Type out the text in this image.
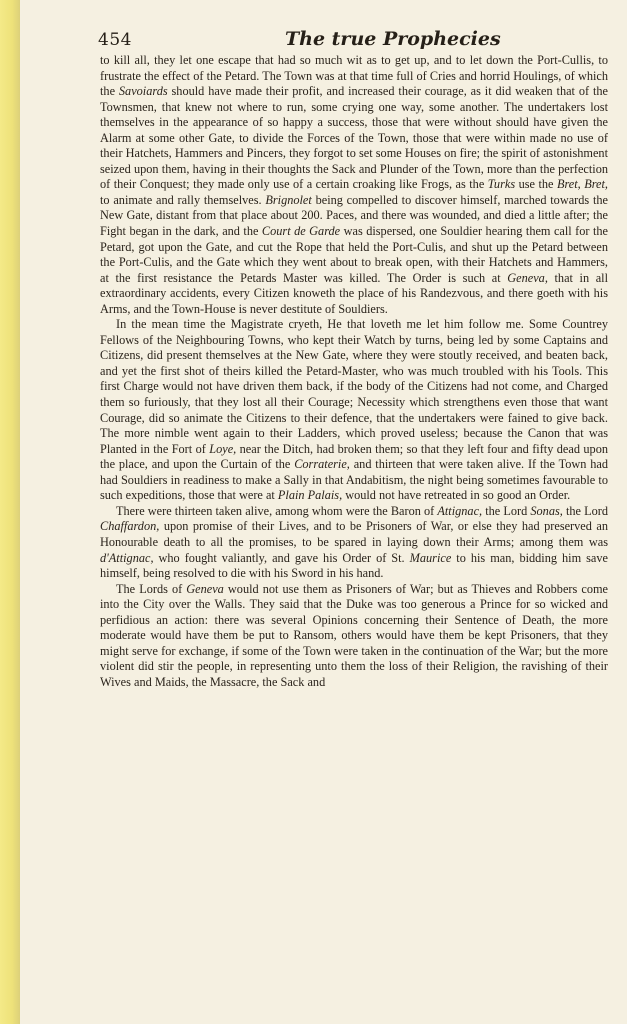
454	The true Prophecies

to kill all, they let one escape that had so much wit as to get up, and to let down the Port-Cullis, to frustrate the effect of the Petard. The Town was at that time full of Cries and horrid Houlings, of which the Savoiards should have made their profit, and increased their courage, as it did weaken that of the Townsmen, that knew not where to run, some crying one way, some another. The undertakers lost themselves in the appearance of so happy a success, those that were without should have given the Alarm at some other Gate, to divide the Forces of the Town, those that were within made no use of their Hatchets, Hammers and Pincers, they forgot to set some Houses on fire; the spirit of astonishment seized upon them, having in their thoughts the Sack and Plunder of the Town, more than the perfection of their Conquest; they made only use of a certain croaking like Frogs, as the Turks use the Bret, Bret, to animate and rally themselves. Brignolet being compelled to discover himself, marched towards the New Gate, distant from that place about 200. Paces, and there was wounded, and died a little after; the Fight began in the dark, and the Court de Garde was dispersed, one Souldier hearing them call for the Petard, got upon the Gate, and cut the Rope that held the Port-Culis, and shut up the Petard between the Port-Culis, and the Gate which they went about to break open, with their Hatchets and Hammers, at the first resistance the Petards Master was killed. The Order is such at Geneva, that in all extraordinary accidents, every Citizen knoweth the place of his Randezvous, and there goeth with his Arms, and the Town-House is never destitute of Souldiers.

In the mean time the Magistrate cryeth, He that loveth me let him follow me. Some Countrey Fellows of the Neighbouring Towns, who kept their Watch by turns, being led by some Captains and Citizens, did present themselves at the New Gate, where they were stoutly received, and beaten back, and yet the first shot of theirs killed the Petard-Master, who was much troubled with his Tools. This first Charge would not have driven them back, if the body of the Citizens had not come, and Charged them so furiously, that they lost all their Courage; Necessity which strengthens even those that want Courage, did so animate the Citizens to their defence, that the undertakers were fained to give back. The more nimble went again to their Ladders, which proved useless; because the Canon that was Planted in the Fort of Loye, near the Ditch, had broken them; so that they left four and fifty dead upon the place, and upon the Curtain of the Corraterie, and thirteen that were taken alive. If the Town had had Souldiers in readiness to make a Sally in that Andabitism, the night being sometimes favourable to such expeditions, those that were at Plain Palais, would not have retreated in so good an Order.

There were thirteen taken alive, among whom were the Baron of Attignac, the Lord Sonas, the Lord Chaffardon, upon promise of their Lives, and to be Prisoners of War, or else they had preserved an Honourable death to all the promises, to be spared in laying down their Arms; among them was d'Attignac, who fought valiantly, and gave his Order of St. Maurice to his man, bidding him save himself, being resolved to die with his Sword in his hand.

The Lords of Geneva would not use them as Prisoners of War; but as Thieves and Robbers come into the City over the Walls. They said that the Duke was too generous a Prince for so wicked and perfidious an action: there was several Opinions concerning their Sentence of Death, the more moderate would have them be put to Ransom, others would have them be kept Prisoners, that they might serve for exchange, if some of the Town were taken in the continuation of the War; but the more violent did stir the people, in representing unto them the loss of their Religion, the ravishing of their Wives and Maids, the Massacre, the Sack and
